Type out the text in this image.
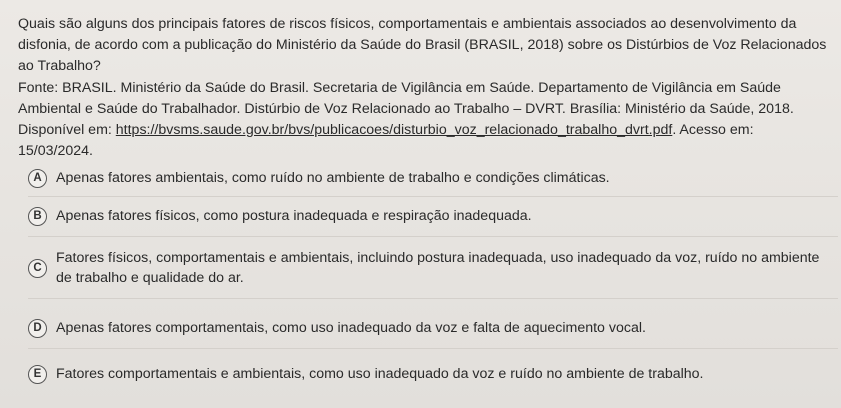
Quais são alguns dos principais fatores de riscos físicos, comportamentais e ambientais associados ao desenvolvimento da disfonia, de acordo com a publicação do Ministério da Saúde do Brasil (BRASIL, 2018) sobre os Distúrbios de Voz Relacionados ao Trabalho?

Fonte: BRASIL. Ministério da Saúde do Brasil. Secretaria de Vigilância em Saúde. Departamento de Vigilância em Saúde Ambiental e Saúde do Trabalhador. Distúrbio de Voz Relacionado ao Trabalho – DVRT. Brasília: Ministério da Saúde, 2018. Disponível em: https://bvsms.saude.gov.br/bvs/publicacoes/disturbio_voz_relacionado_trabalho_dvrt.pdf. Acesso em: 15/03/2024.

A	Apenas fatores ambientais, como ruído no ambiente de trabalho e condições climáticas.
B	Apenas fatores físicos, como postura inadequada e respiração inadequada.
C
Fatores físicos, comportamentais e ambientais, incluindo postura inadequada, uso inadequado da voz, ruído no ambiente de trabalho e qualidade do ar.
D	Apenas fatores comportamentais, como uso inadequado da voz e falta de aquecimento vocal.
E	Fatores comportamentais e ambientais, como uso inadequado da voz e ruído no ambiente de trabalho.
